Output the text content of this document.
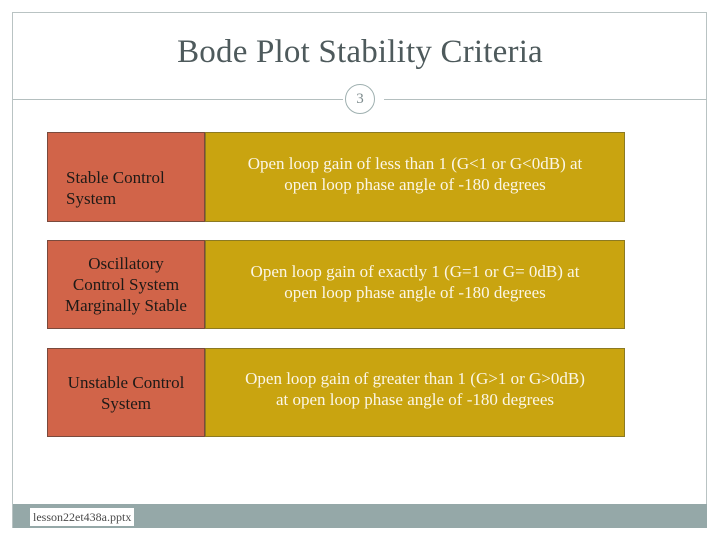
Bode Plot Stability Criteria
3
Stable Control
System
Open loop gain of less than 1 (G<1 or G<0dB) at
open loop phase angle of -180 degrees
Oscillatory
Control System
Marginally Stable
Open loop gain of exactly 1 (G=1 or G= 0dB) at
open loop phase angle of -180 degrees
Unstable Control
System
Open loop gain of greater than 1 (G>1 or G>0dB)
at open loop phase angle of -180 degrees
lesson22et438a.pptx
